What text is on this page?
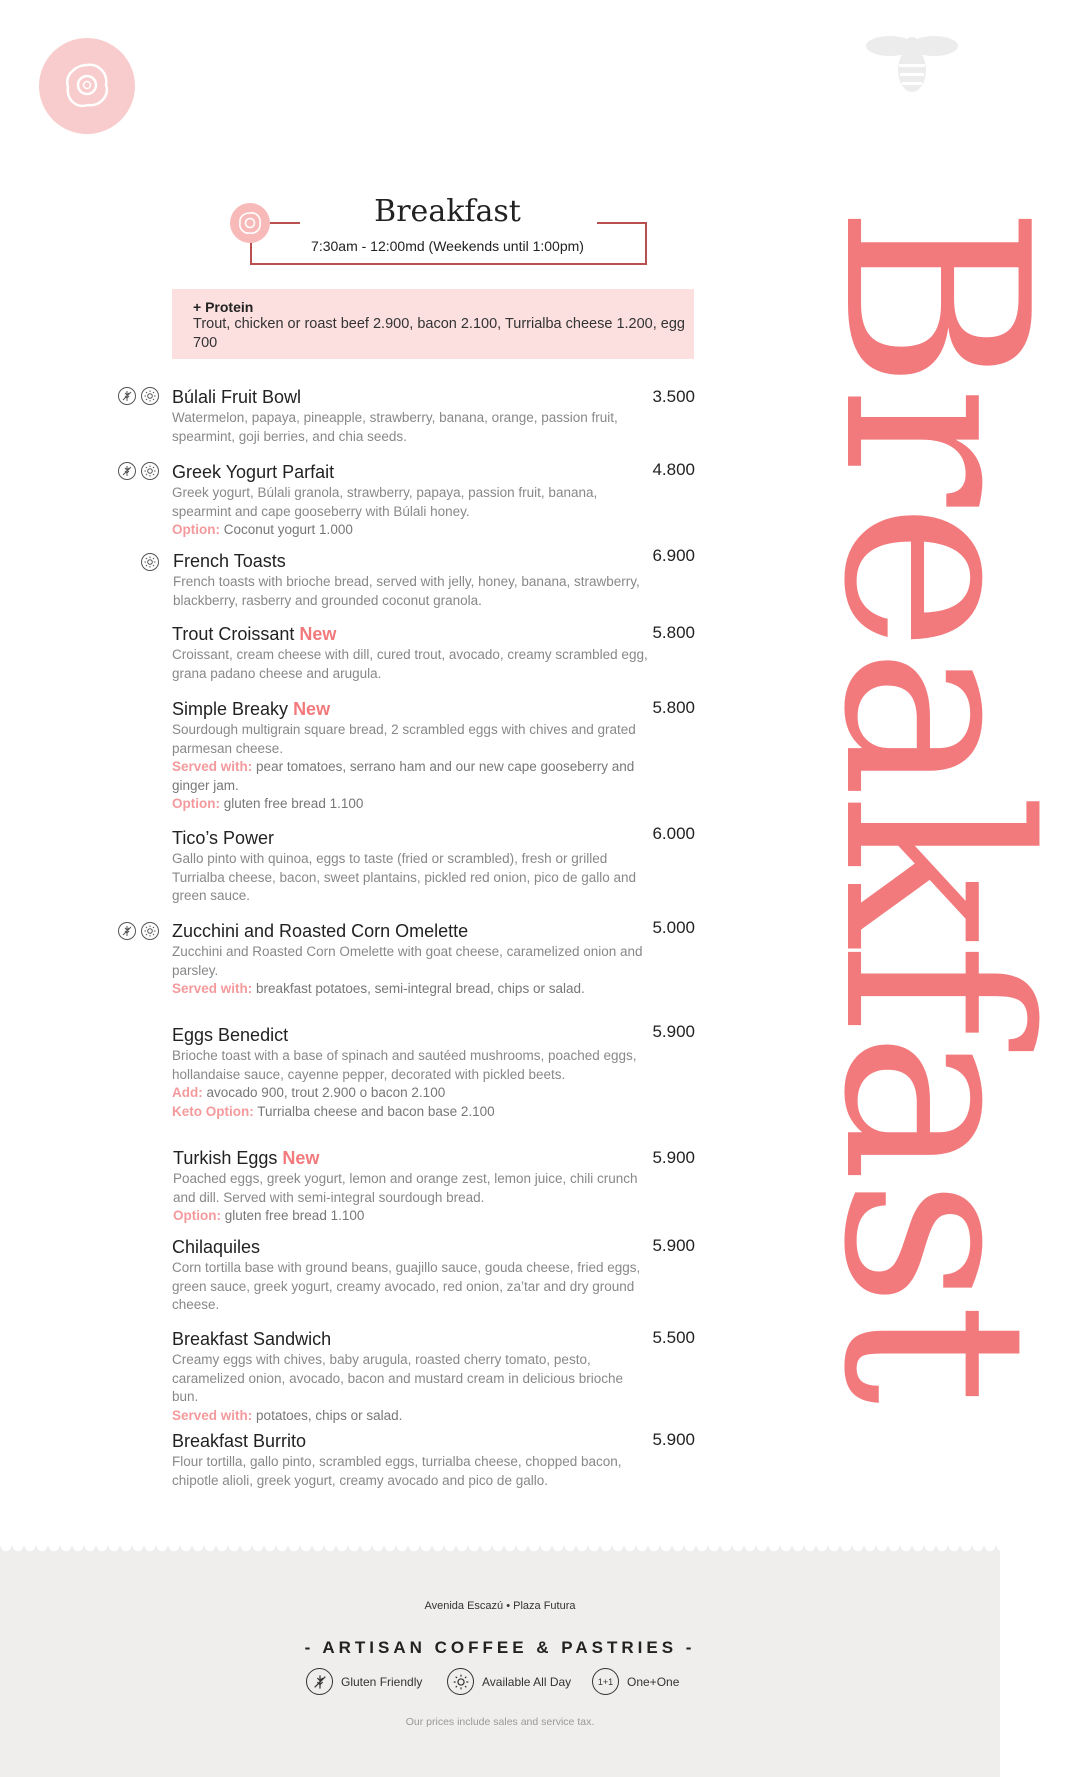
Breakfast
Breakfast
7:30am - 12:00md (Weekends until 1:00pm)
+ Protein
Trout, chicken or roast beef 2.900, bacon 2.100, Turrialba cheese 1.200, egg 700
Búlali Fruit Bowl
Watermelon, papaya, pineapple, strawberry, banana, orange, passion fruit, spearmint, goji berries, and chia seeds.
3.500
Greek Yogurt Parfait
Greek yogurt, Búlali granola, strawberry, papaya, passion fruit, banana, spearmint and cape gooseberry with Búlali honey.
Option: Coconut yogurt 1.000
4.800
French Toasts
French toasts with brioche bread, served with jelly, honey, banana, strawberry, blackberry, rasberry and grounded coconut granola.
6.900
Trout Croissant New
Croissant, cream cheese with dill, cured trout, avocado, creamy scrambled egg, grana padano cheese and arugula.
5.800
Simple Breaky New
Sourdough multigrain square bread, 2 scrambled eggs with chives and grated parmesan cheese.
Served with: pear tomatoes, serrano ham and our new cape gooseberry and ginger jam.
Option: gluten free bread 1.100
5.800
Tico’s Power
Gallo pinto with quinoa, eggs to taste (fried or scrambled), fresh or grilled Turrialba cheese, bacon, sweet plantains, pickled red onion, pico de gallo and green sauce.
6.000
Zucchini and Roasted Corn Omelette
Zucchini and Roasted Corn Omelette with goat cheese, caramelized onion and parsley.
Served with: breakfast potatoes, semi-integral bread, chips or salad.
5.000
Eggs Benedict
Brioche toast with a base of spinach and sautéed mushrooms, poached eggs, hollandaise sauce, cayenne pepper, decorated with pickled beets.
Add: avocado 900, trout 2.900 o bacon 2.100
Keto Option: Turrialba cheese and bacon base 2.100
5.900
Turkish Eggs New
Poached eggs, greek yogurt, lemon and orange zest, lemon juice, chili crunch and dill. Served with semi-integral sourdough bread.
Option: gluten free bread 1.100
5.900
Chilaquiles
Corn tortilla base with ground beans, guajillo sauce, gouda cheese, fried eggs, green sauce, greek yogurt, creamy avocado, red onion, za’tar and dry ground cheese.
5.900
Breakfast Sandwich
Creamy eggs with chives, baby arugula, roasted cherry tomato, pesto, caramelized onion, avocado, bacon and mustard cream in delicious brioche bun.
Served with: potatoes, chips or salad.
5.500
Breakfast Burrito
Flour tortilla, gallo pinto, scrambled eggs, turrialba cheese, chopped bacon, chipotle alioli, greek yogurt, creamy avocado and pico de gallo.
5.900
Avenida Escazú • Plaza Futura
- ARTISAN COFFEE & PASTRIES -
Gluten Friendly	Available All Day	1+1	One+One
Our prices include sales and service tax.
